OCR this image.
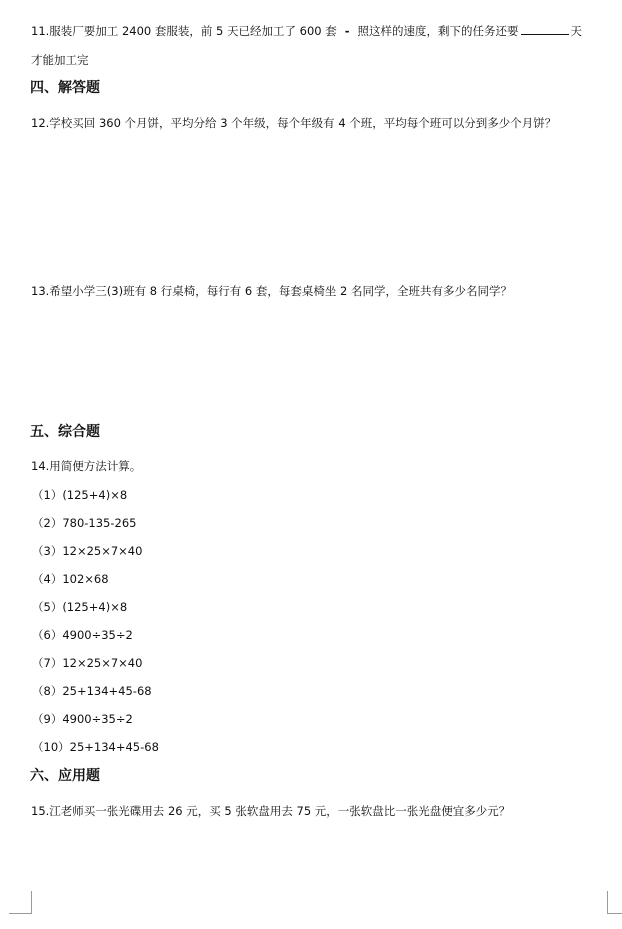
11.服装厂要加工 2400 套服装，前 5 天已经加工了 600 套 - 照这样的速度，剩下的任务还要	天
才能加工完
四、解答题
12.学校买回 360 个月饼，平均分给 3 个年级，每个年级有 4 个班，平均每个班可以分到多少个月饼？
13.希望小学三(3)班有 8 行桌椅，每行有 6 套，每套桌椅坐 2 名同学，全班共有多少名同学？
五、综合题
14.用简便方法计算。
（1）(125+4)×8
（2）780-135-265
（3）12×25×7×40
（4）102×68
（5）(125+4)×8
（6）4900÷35÷2
（7）12×25×7×40
（8）25+134+45-68
（9）4900÷35÷2
（10）25+134+45-68
六、应用题
15.江老师买一张光碟用去 26 元，买 5 张软盘用去 75 元，一张软盘比一张光盘便宜多少元？
